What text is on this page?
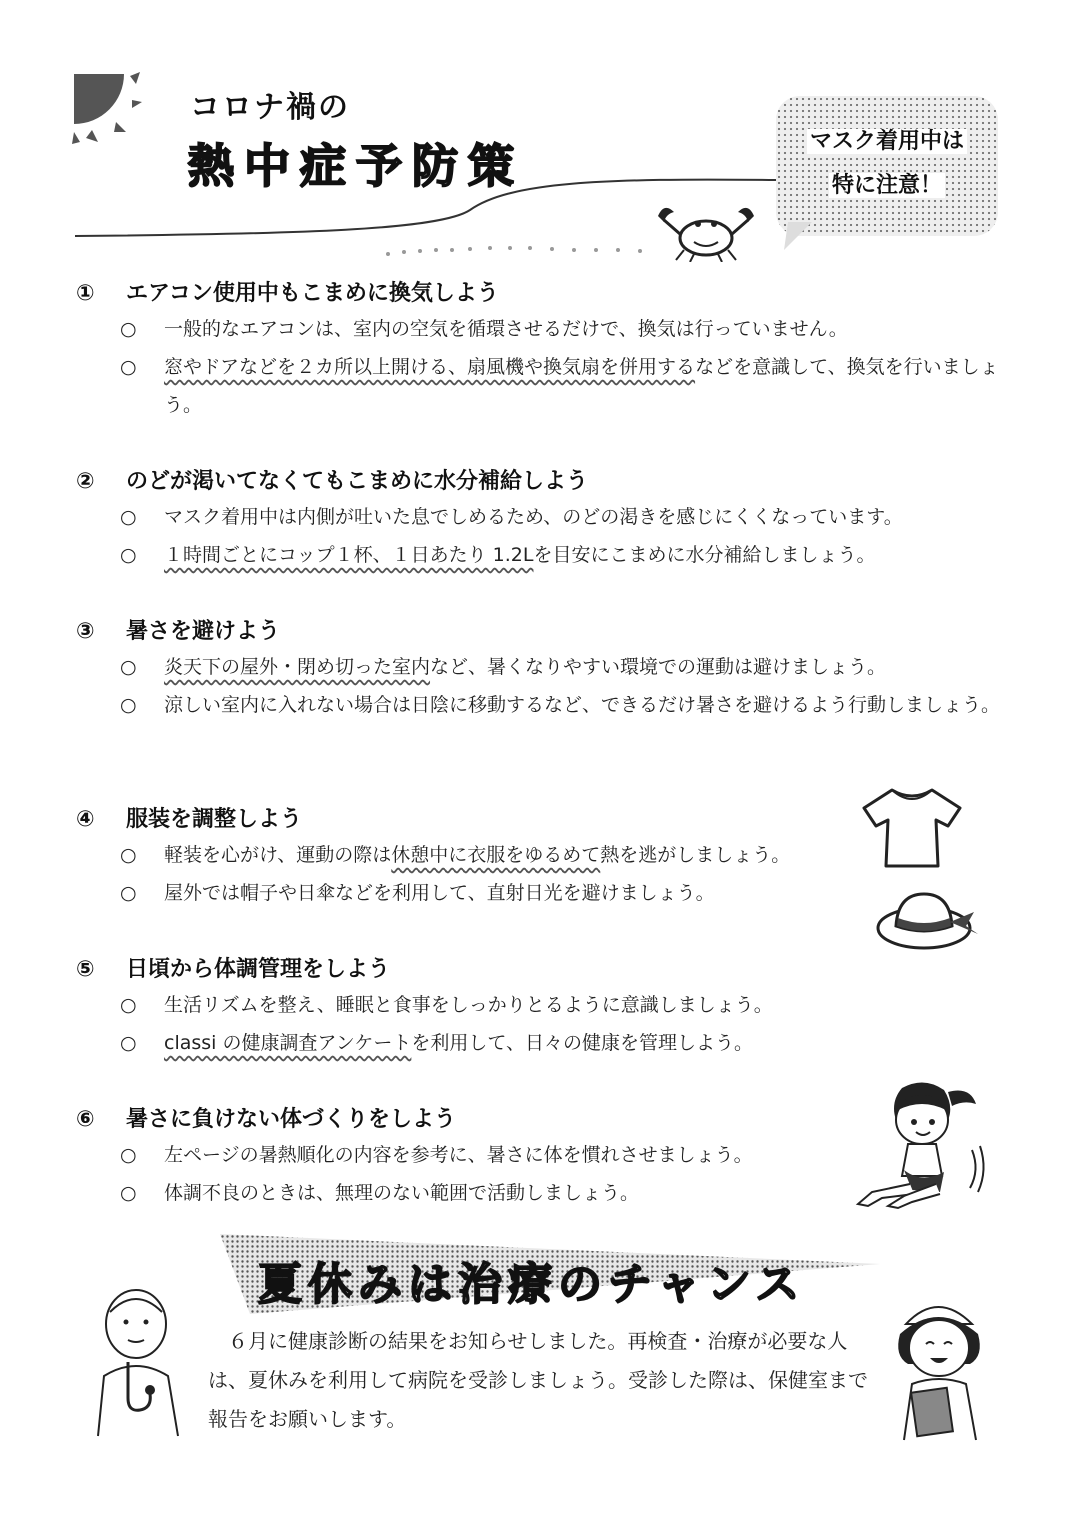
コロナ禍の
熱中症予防策	マスク着用中は
特に注意！
① エアコン使用中もこまめに換気しよう
○ 一般的なエアコンは、室内の空気を循環させるだけで、換気は行っていません。
○ 窓やドアなどを２カ所以上開ける、扇風機や換気扇を併用するなどを意識して、換気を行いましょう。
② のどが渇いてなくてもこまめに水分補給しよう
○ マスク着用中は内側が吐いた息でしめるため、のどの渇きを感じにくくなっています。
○ １時間ごとにコップ１杯、１日あたり 1.2Lを目安にこまめに水分補給しましょう。
③ 暑さを避けよう
○ 炎天下の屋外・閉め切った室内など、暑くなりやすい環境での運動は避けましょう。
○ 涼しい室内に入れない場合は日陰に移動するなど、できるだけ暑さを避けるよう行動しましょう。
④ 服装を調整しよう
○ 軽装を心がけ、運動の際は休憩中に衣服をゆるめて熱を逃がしましょう。
○ 屋外では帽子や日傘などを利用して、直射日光を避けましょう。
⑤ 日頃から体調管理をしよう
○ 生活リズムを整え、睡眠と食事をしっかりとるように意識しましょう。
○ classi の健康調査アンケートを利用して、日々の健康を管理しよう。
⑥ 暑さに負けない体づくりをしよう
○ 左ページの暑熱順化の内容を参考に、暑さに体を慣れさせましょう。
○ 体調不良のときは、無理のない範囲で活動しましょう。
夏休みは治療のチャンス
　６月に健康診断の結果をお知らせしました。再検査・治療が必要な人は、夏休みを利用して病院を受診しましょう。受診した際は、保健室まで報告をお願いします。
